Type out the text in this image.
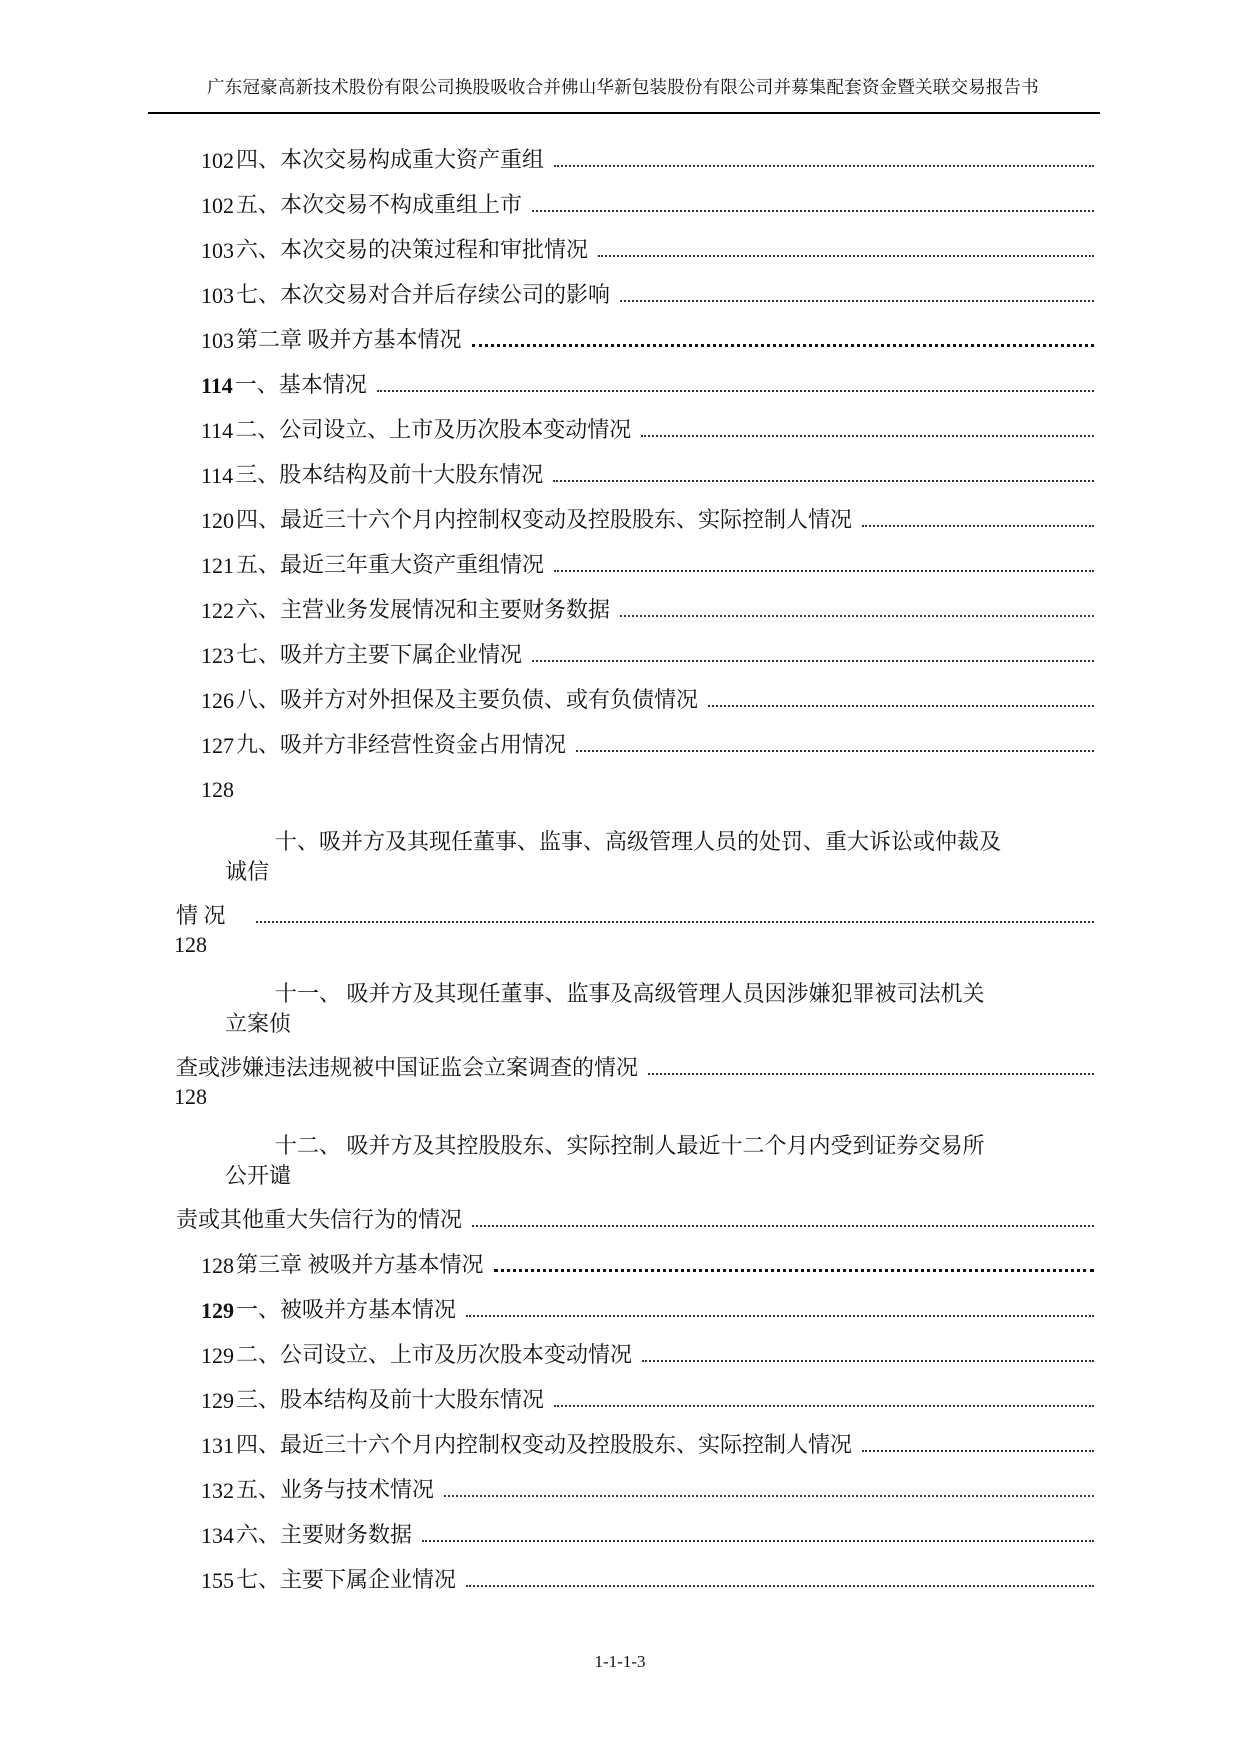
广东冠豪高新技术股份有限公司换股吸收合并佛山华新包装股份有限公司并募集配套资金暨关联交易报告书
102 四、本次交易构成重大资产重组
102 五、本次交易不构成重组上市
103 六、本次交易的决策过程和审批情况
103 七、本次交易对合并后存续公司的影响
103 第二章 吸并方基本情况
114 一、基本情况
114 二、公司设立、上市及历次股本变动情况
114 三、股本结构及前十大股东情况
120 四、最近三十六个月内控制权变动及控股股东、实际控制人情况
121 五、最近三年重大资产重组情况
122 六、主营业务发展情况和主要财务数据
123 七、吸并方主要下属企业情况
126 八、吸并方对外担保及主要负债、或有负债情况
127 九、吸并方非经营性资金占用情况
128
十、吸并方及其现任董事、监事、高级管理人员的处罚、重大诉讼或仲裁及
诚信
情 况
128
十一、 吸并方及其现任董事、监事及高级管理人员因涉嫌犯罪被司法机关
立案侦
查或涉嫌违法违规被中国证监会立案调查的情况
128
十二、 吸并方及其控股股东、实际控制人最近十二个月内受到证券交易所
公开谴
责或其他重大失信行为的情况
128 第三章 被吸并方基本情况
129 一、被吸并方基本情况
129 二、公司设立、上市及历次股本变动情况
129 三、股本结构及前十大股东情况
131 四、最近三十六个月内控制权变动及控股股东、实际控制人情况
132 五、业务与技术情况
134 六、主要财务数据
155 七、主要下属企业情况
1-1-1-3
